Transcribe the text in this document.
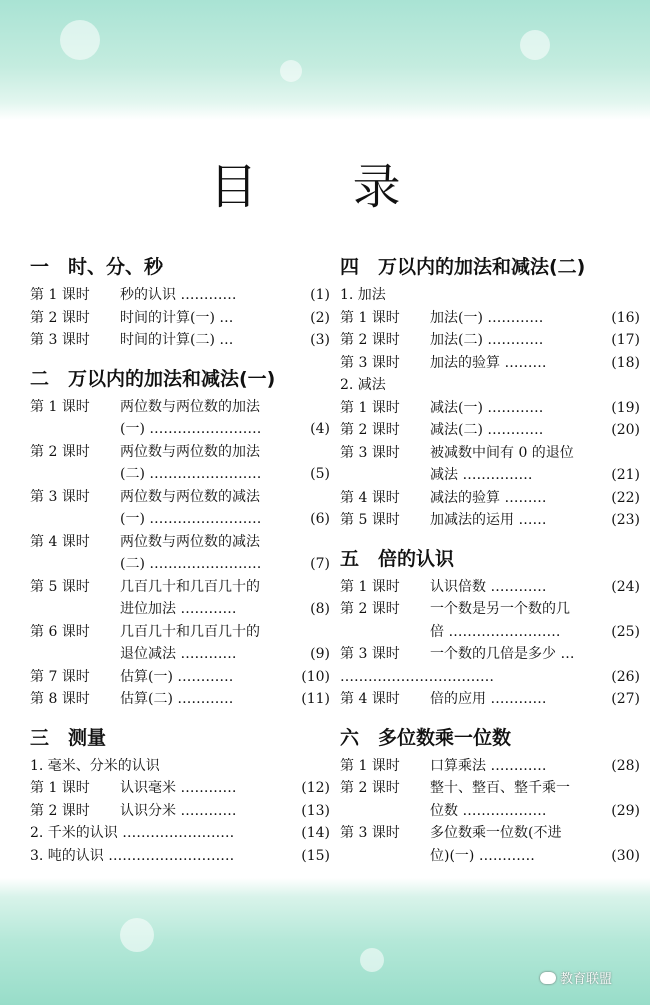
目 录
一 时、分、秒
第 1 课时	秒的认识 …………	(1)
第 2 课时	时间的计算(一) …	(2)
第 3 课时	时间的计算(二) …	(3)
二 万以内的加法和减法(一)
第 1 课时	两位数与两位数的加法
(一) ……………………	(4)
第 2 课时	两位数与两位数的加法
(二) ……………………	(5)
第 3 课时	两位数与两位数的减法
(一) ……………………	(6)
第 4 课时	两位数与两位数的减法
(二) ……………………	(7)
第 5 课时	几百几十和几百几十的
进位加法 …………	(8)
第 6 课时	几百几十和几百几十的
退位减法 …………	(9)
第 7 课时	估算(一) …………	(10)
第 8 课时	估算(二) …………	(11)
三 测量
1. 毫米、分米的认识
第 1 课时	认识毫米 …………	(12)
第 2 课时	认识分米 …………	(13)
2. 千米的认识 ……………………	(14)
3. 吨的认识 ………………………	(15)
四 万以内的加法和减法(二)
1. 加法
第 1 课时	加法(一) …………	(16)
第 2 课时	加法(二) …………	(17)
第 3 课时	加法的验算 ………	(18)
2. 减法
第 1 课时	减法(一) …………	(19)
第 2 课时	减法(二) …………	(20)
第 3 课时	被减数中间有 0 的退位
减法 ……………	(21)
第 4 课时	减法的验算 ………	(22)
第 5 课时	加减法的运用 ……	(23)
五 倍的认识
第 1 课时	认识倍数 …………	(24)
第 2 课时	一个数是另一个数的几
倍 ……………………	(25)
第 3 课时	一个数的几倍是多少 …
……………………………	(26)
第 4 课时	倍的应用 …………	(27)
六 多位数乘一位数
第 1 课时	口算乘法 …………	(28)
第 2 课时	整十、整百、整千乘一
位数 ………………	(29)
第 3 课时	多位数乘一位数(不进
位)(一) …………	(30)
教育联盟
